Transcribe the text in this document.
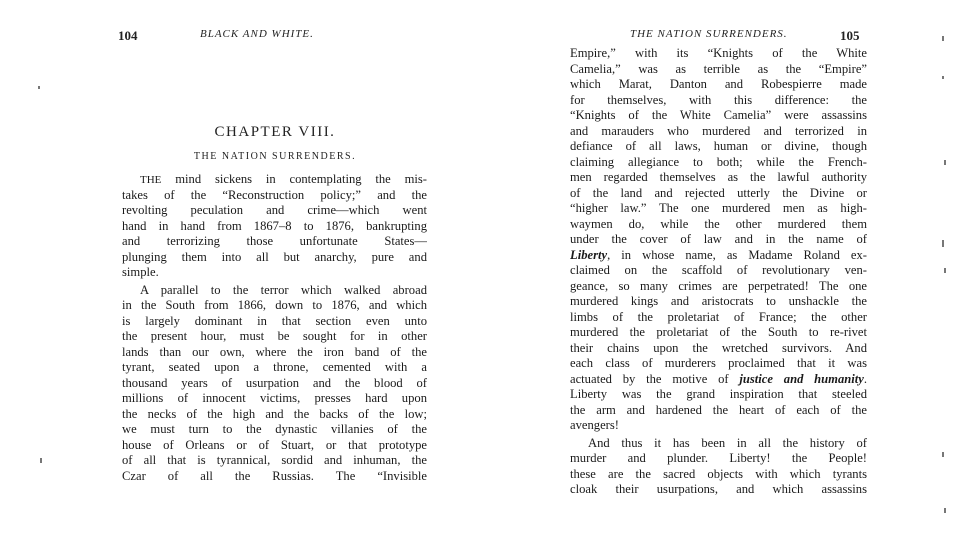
104	BLACK AND WHITE.
CHAPTER VIII.
THE NATION SURRENDERS.
THE mind sickens in contemplating the mis-
takes of the “Reconstruction policy;” and the
revolting peculation and crime—which went
hand in hand from 1867–8 to 1876, bankrupting
and terrorizing those unfortunate States—
plunging them into all but anarchy, pure and
simple.
A parallel to the terror which walked abroad
in the South from 1866, down to 1876, and which
is largely dominant in that section even unto
the present hour, must be sought for in other
lands than our own, where the iron band of the
tyrant, seated upon a throne, cemented with a
thousand years of usurpation and the blood of
millions of innocent victims, presses hard upon
the necks of the high and the backs of the low;
we must turn to the dynastic villanies of the
house of Orleans or of Stuart, or that prototype
of all that is tyrannical, sordid and inhuman, the
Czar of all the Russias. The “Invisible
THE NATION SURRENDERS.	105
Empire,” with its “Knights of the White
Camelia,” was as terrible as the “Empire”
which Marat, Danton and Robespierre made
for themselves, with this difference: the
“Knights of the White Camelia” were assassins
and marauders who murdered and terrorized in
defiance of all laws, human or divine, though
claiming allegiance to both; while the French-
men regarded themselves as the lawful authority
of the land and rejected utterly the Divine or
“higher law.” The one murdered men as high-
waymen do, while the other murdered them
under the cover of law and in the name of
Liberty, in whose name, as Madame Roland ex-
claimed on the scaffold of revolutionary ven-
geance, so many crimes are perpetrated! The one
murdered kings and aristocrats to unshackle the
limbs of the proletariat of France; the other
murdered the proletariat of the South to re-rivet
their chains upon the wretched survivors. And
each class of murderers proclaimed that it was
actuated by the motive of justice and humanity.
Liberty was the grand inspiration that steeled
the arm and hardened the heart of each of the
avengers!
And thus it has been in all the history of
murder and plunder. Liberty! the People!
these are the sacred objects with which tyrants
cloak their usurpations, and which assassins
